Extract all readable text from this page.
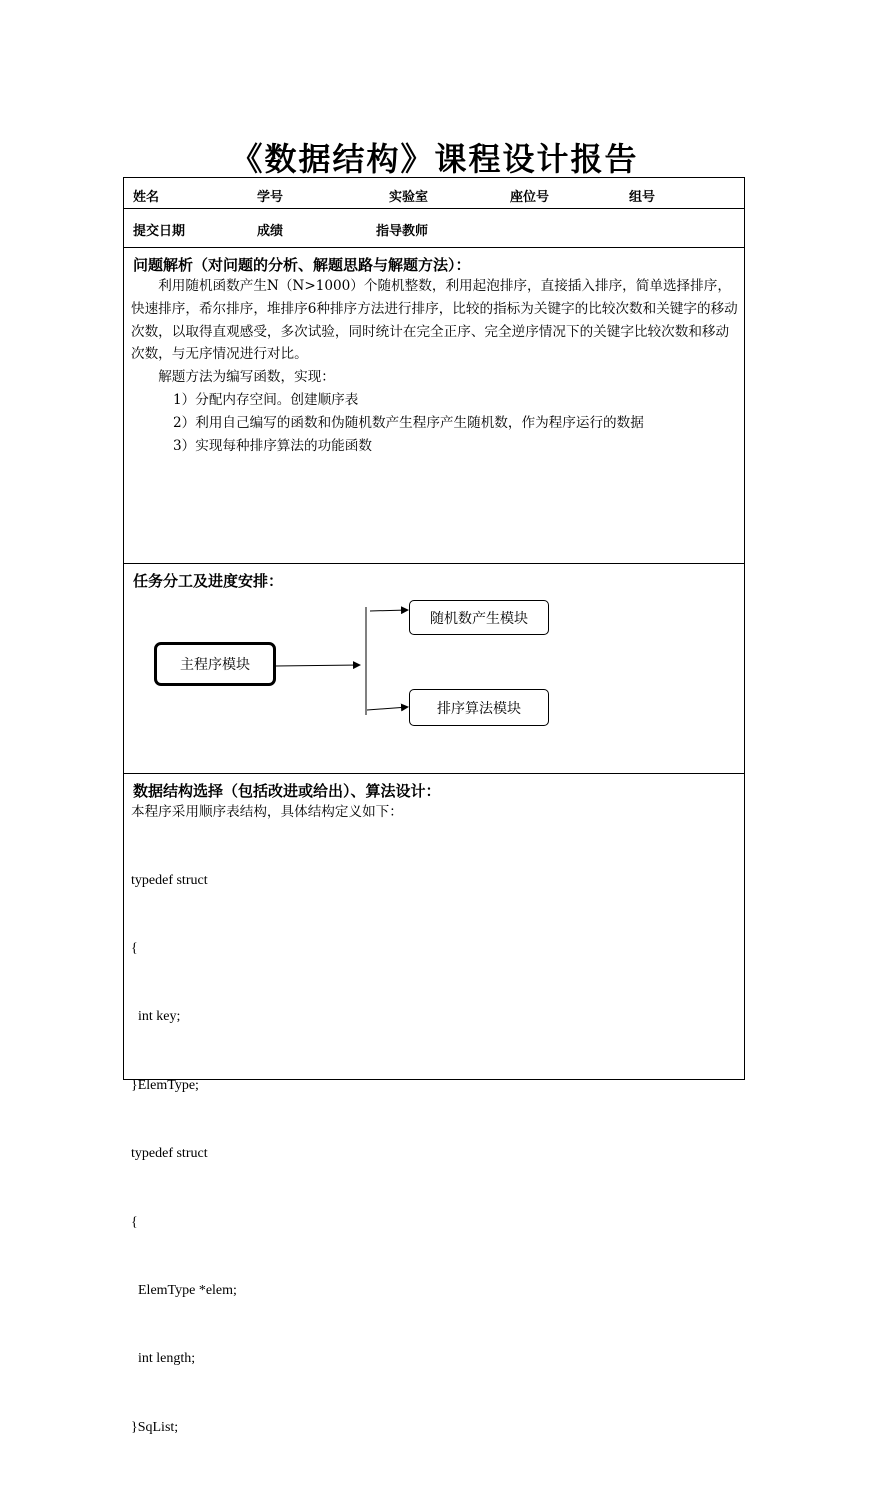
《数据结构》课程设计报告
姓名	学号	实验室	座位号	组号
提交日期	成绩	指导教师
问题解析（对问题的分析、解题思路与解题方法）：

利用随机函数产生N（N>1000）个随机整数，利用起泡排序，直接插入排序，简单选择排序，快速排序，希尔排序，堆排序6种排序方法进行排序，比较的指标为关键字的比较次数和关键字的移动次数，以取得直观感受，多次试验，同时统计在完全正序、完全逆序情况下的关键字比较次数和移动次数，与无序情况进行对比。

解题方法为编写函数，实现：

1）分配内存空间。创建顺序表

2）利用自己编写的函数和伪随机数产生程序产生随机数，作为程序运行的数据

3）实现每种排序算法的功能函数

任务分工及进度安排：
主程序模块
随机数产生模块
排序算法模块
数据结构选择（包括改进或给出）、算法设计：
本程序采用顺序表结构，具体结构定义如下：

typedef struct

{

int key;

}ElemType;

typedef struct

{

ElemType *elem;

int length;

}SqList;
